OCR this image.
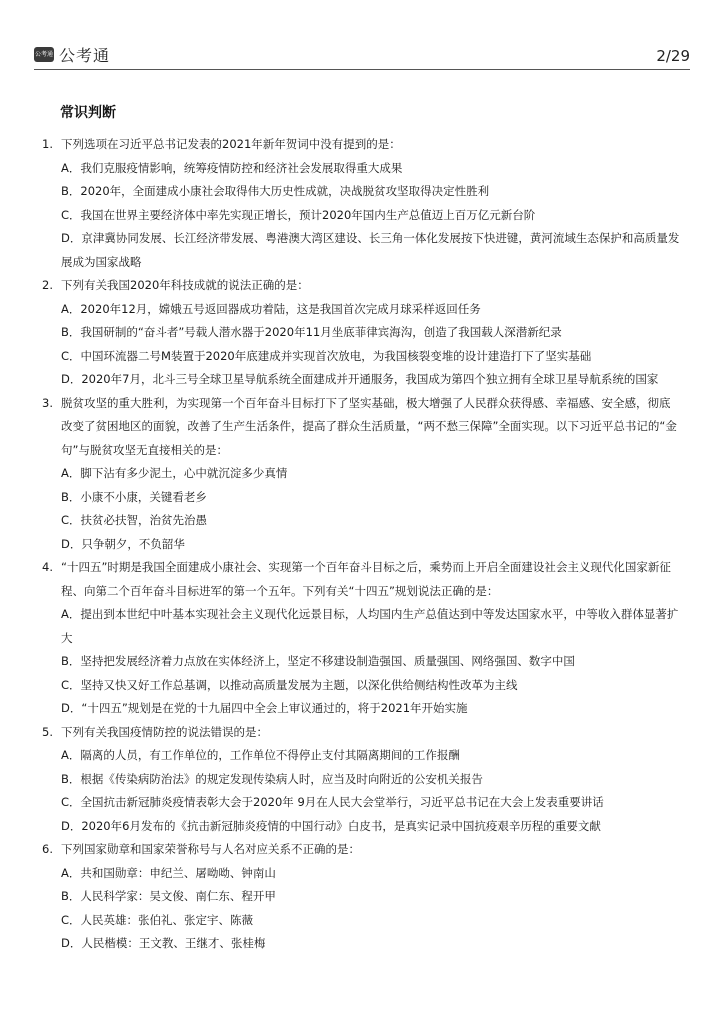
公考通 公考通	2/29
常识判断
1. 下列选项在习近平总书记发表的2021年新年贺词中没有提到的是：
A．我们克服疫情影响，统筹疫情防控和经济社会发展取得重大成果
B．2020年，全面建成小康社会取得伟大历史性成就，决战脱贫攻坚取得决定性胜利
C．我国在世界主要经济体中率先实现正增长，预计2020年国内生产总值迈上百万亿元新台阶
D．京津冀协同发展、长江经济带发展、粤港澳大湾区建设、长三角一体化发展按下快进键，黄河流域生态保护和高质量发展成为国家战略
2. 下列有关我国2020年科技成就的说法正确的是：
A．2020年12月，嫦娥五号返回器成功着陆，这是我国首次完成月球采样返回任务
B．我国研制的“奋斗者”号载人潜水器于2020年11月坐底菲律宾海沟，创造了我国载人深潜新纪录
C．中国环流器二号M装置于2020年底建成并实现首次放电，为我国核裂变堆的设计建造打下了坚实基础
D．2020年7月，北斗三号全球卫星导航系统全面建成并开通服务，我国成为第四个独立拥有全球卫星导航系统的国家
3. 脱贫攻坚的重大胜利，为实现第一个百年奋斗目标打下了坚实基础，极大增强了人民群众获得感、幸福感、安全感，彻底改变了贫困地区的面貌，改善了生产生活条件，提高了群众生活质量，“两不愁三保障”全面实现。以下习近平总书记的“金句”与脱贫攻坚无直接相关的是：
A．脚下沾有多少泥土，心中就沉淀多少真情
B．小康不小康，关键看老乡
C．扶贫必扶智，治贫先治愚
D．只争朝夕，不负韶华
4. “十四五”时期是我国全面建成小康社会、实现第一个百年奋斗目标之后，乘势而上开启全面建设社会主义现代化国家新征程、向第二个百年奋斗目标进军的第一个五年。下列有关“十四五”规划说法正确的是：
A．提出到本世纪中叶基本实现社会主义现代化远景目标，人均国内生产总值达到中等发达国家水平，中等收入群体显著扩大
B．坚持把发展经济着力点放在实体经济上，坚定不移建设制造强国、质量强国、网络强国、数字中国
C．坚持又快又好工作总基调，以推动高质量发展为主题，以深化供给侧结构性改革为主线
D．“十四五”规划是在党的十九届四中全会上审议通过的，将于2021年开始实施
5. 下列有关我国疫情防控的说法错误的是：
A．隔离的人员，有工作单位的，工作单位不得停止支付其隔离期间的工作报酬
B．根据《传染病防治法》的规定发现传染病人时，应当及时向附近的公安机关报告
C．全国抗击新冠肺炎疫情表彰大会于2020年 9月在人民大会堂举行，习近平总书记在大会上发表重要讲话
D．2020年6月发布的《抗击新冠肺炎疫情的中国行动》白皮书，是真实记录中国抗疫艰辛历程的重要文献
6. 下列国家勋章和国家荣誉称号与人名对应关系不正确的是：
A．共和国勋章：申纪兰、屠呦呦、钟南山
B．人民科学家：吴文俊、南仁东、程开甲
C．人民英雄：张伯礼、张定宇、陈薇
D．人民楷模：王文教、王继才、张桂梅
